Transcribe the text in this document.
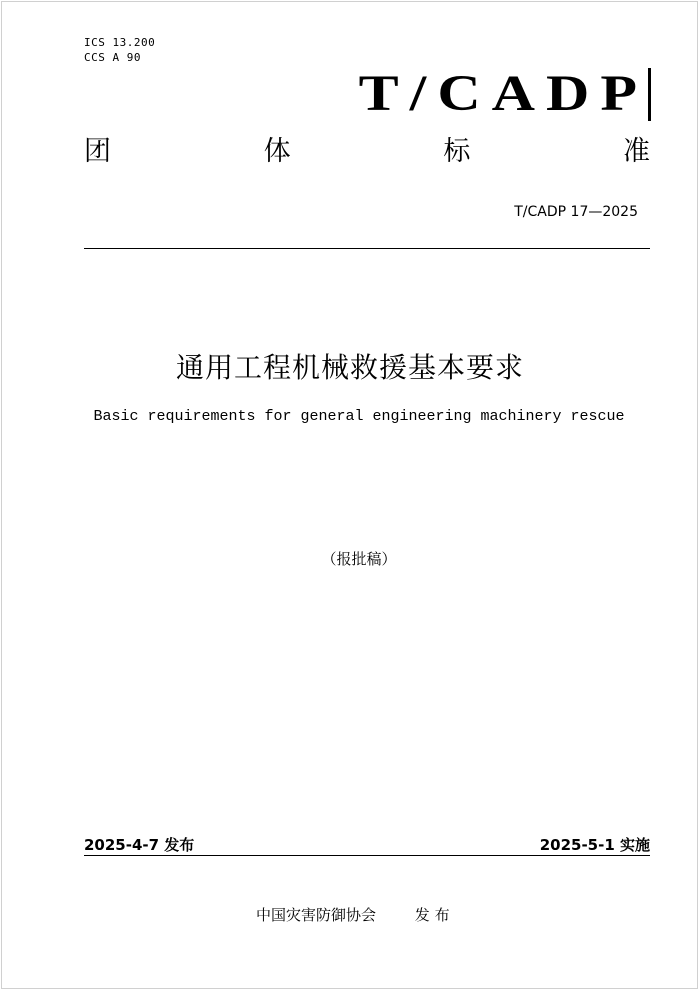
ICS 13.200
CCS A 90
T/CADP
团	体	标	准
T/CADP 17—2025
通用工程机械救援基本要求
Basic requirements for general engineering machinery rescue
（报批稿）
2025-4-7 发布	2025-5-1 实施
中国灾害防御协会	发 布
